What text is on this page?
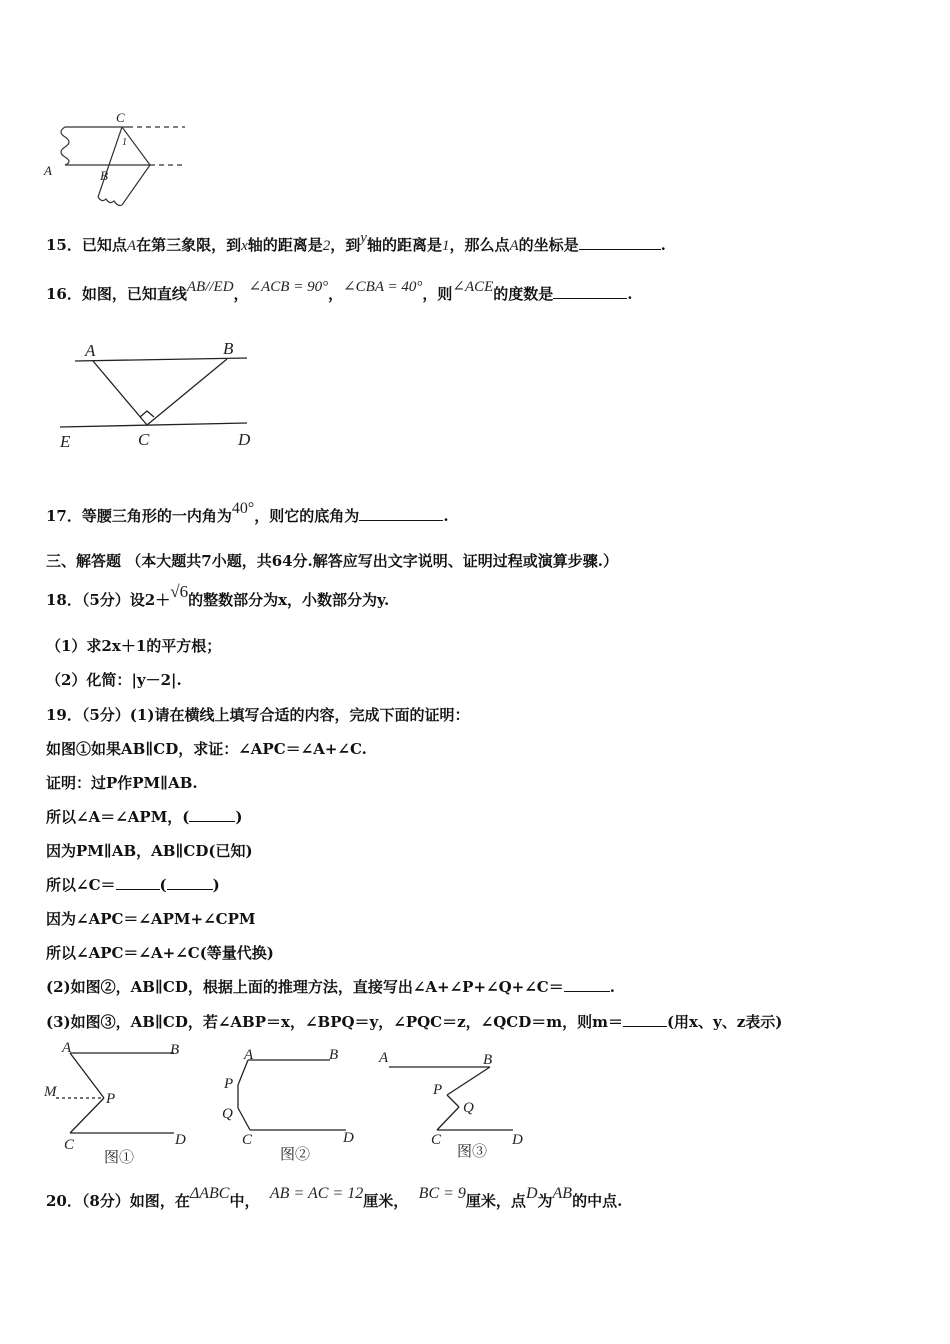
C
A	B
1
15．已知点A在第三象限，到x轴的距离是2，到y轴的距离是1，那么点A的坐标是	.
16．如图，已知直线AB//ED，∠ACB = 90°，∠CBA = 40°，则∠ACE的度数是	.
A	B
E	C	D
17．等腰三角形的一内角为40°，则它的底角为	.
三、解答题 （本大题共7小题，共64分.解答应写出文字说明、证明过程或演算步骤.）
18．（5分）设2＋√6的整数部分为x，小数部分为y.
（1）求2x＋1的平方根；
（2）化简：|y－2|.
19．（5分）(1)请在横线上填写合适的内容，完成下面的证明：
如图①如果AB∥CD，求证：∠APC＝∠A+∠C.
证明：过P作PM∥AB.
所以∠A＝∠APM，(	)
因为PM∥AB，AB∥CD(已知)
所以∠C＝	(	)
因为∠APC＝∠APM+∠CPM
所以∠APC＝∠A+∠C(等量代换)
(2)如图②，AB∥CD，根据上面的推理方法，直接写出∠A+∠P+∠Q+∠C＝	.
(3)如图③，AB∥CD，若∠ABP＝x，∠BPQ＝y，∠PQC＝z，∠QCD＝m，则m＝	(用x、y、z表示)
A	B
M	P
C	D
图①
A	B
P
Q
C	D
图②
A	B
P
Q
C	D
图③
20．（8分）如图，在ΔABC中， AB = AC = 12厘米， BC = 9厘米，点D为AB的中点.
